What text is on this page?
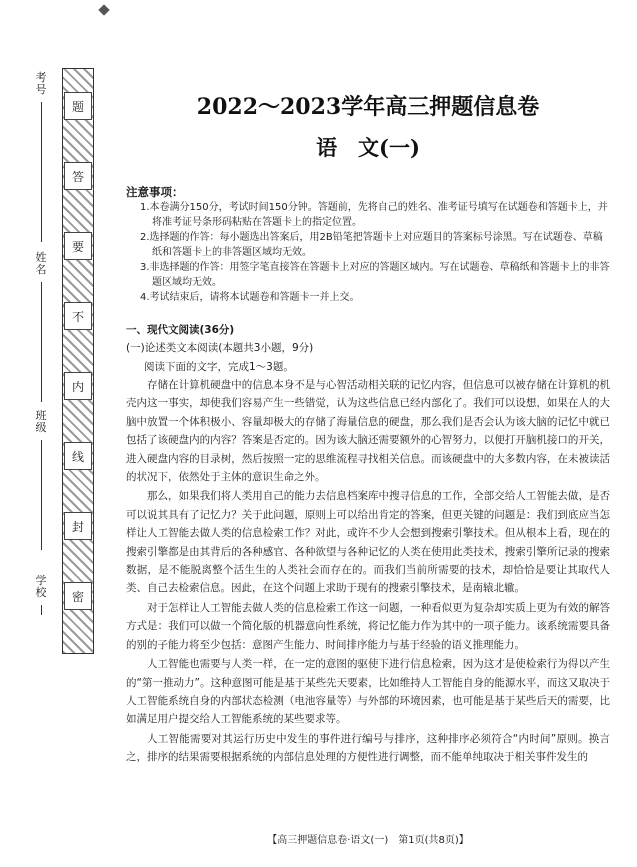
考号
姓名
班级
学校
题
答
要
不
内
线
封
密
2022～2023学年高三押题信息卷
语　文(一)
注意事项：

1.本卷满分150分，考试时间150分钟。答题前，先将自己的姓名、准考证号填写在试题卷和答题卡上，并将准考证号条形码粘贴在答题卡上的指定位置。

2.选择题的作答：每小题选出答案后，用2B铅笔把答题卡上对应题目的答案标号涂黑。写在试题卷、草稿纸和答题卡上的非答题区域均无效。

3.非选择题的作答：用签字笔直接答在答题卡上对应的答题区域内。写在试题卷、草稿纸和答题卡上的非答题区域均无效。

4.考试结束后，请将本试题卷和答题卡一并上交。

一、现代文阅读(36分)
(一)论述类文本阅读(本题共3小题，9分)
阅读下面的文字，完成1～3题。

存储在计算机硬盘中的信息本身不是与心智活动相关联的记忆内容，但信息可以被存储在计算机的机壳内这一事实，却使我们容易产生一些错觉，认为这些信息已经内部化了。我们可以设想，如果在人的大脑中放置一个体积极小、容量却极大的存储了海量信息的硬盘，那么我们是否会认为该大脑的记忆中就已包括了该硬盘内的内容？答案是否定的。因为该大脑还需要额外的心智努力，以便打开脑机接口的开关，进入硬盘内容的目录树，然后按照一定的思维流程寻找相关信息。而该硬盘中的大多数内容，在未被读活的状况下，依然处于主体的意识生命之外。

那么，如果我们将人类用自己的能力去信息档案库中搜寻信息的工作，全部交给人工智能去做，是否可以说其具有了记忆力？关于此问题，原则上可以给出肯定的答案，但更关键的问题是：我们到底应当怎样让人工智能去做人类的信息检索工作？对此，或许不少人会想到搜索引擎技术。但从根本上看，现在的搜索引擎都是由其背后的各种感官、各种欲望与各种记忆的人类在使用此类技术，搜索引擎所记录的搜索数据，是不能脱离整个活生生的人类社会而存在的。而我们当前所需要的技术，却恰恰是要让其取代人类、自己去检索信息。因此，在这个问题上求助于现有的搜索引擎技术，是南辕北辙。

对于怎样让人工智能去做人类的信息检索工作这一问题，一种看似更为复杂却实质上更为有效的解答方式是：我们可以做一个简化版的机器意向性系统，将记忆能力作为其中的一项子能力。该系统需要具备的别的子能力将至少包括：意图产生能力、时间排序能力与基于经验的语义推理能力。

人工智能也需要与人类一样，在一定的意图的驱使下进行信息检索，因为这才是使检索行为得以产生的“第一推动力”。这种意图可能是基于某些先天要素，比如维持人工智能自身的能源水平，而这又取决于人工智能系统自身的内部状态检测（电池容量等）与外部的环境因素，也可能是基于某些后天的需要，比如满足用户提交给人工智能系统的某些要求等。

人工智能需要对其运行历史中发生的事件进行编号与排序，这种排序必须符合“内时间”原则。换言之，排序的结果需要根据系统的内部信息处理的方便性进行调整，而不能单纯取决于相关事件发生的

【高三押题信息卷·语文(一)　第1页(共8页)】
